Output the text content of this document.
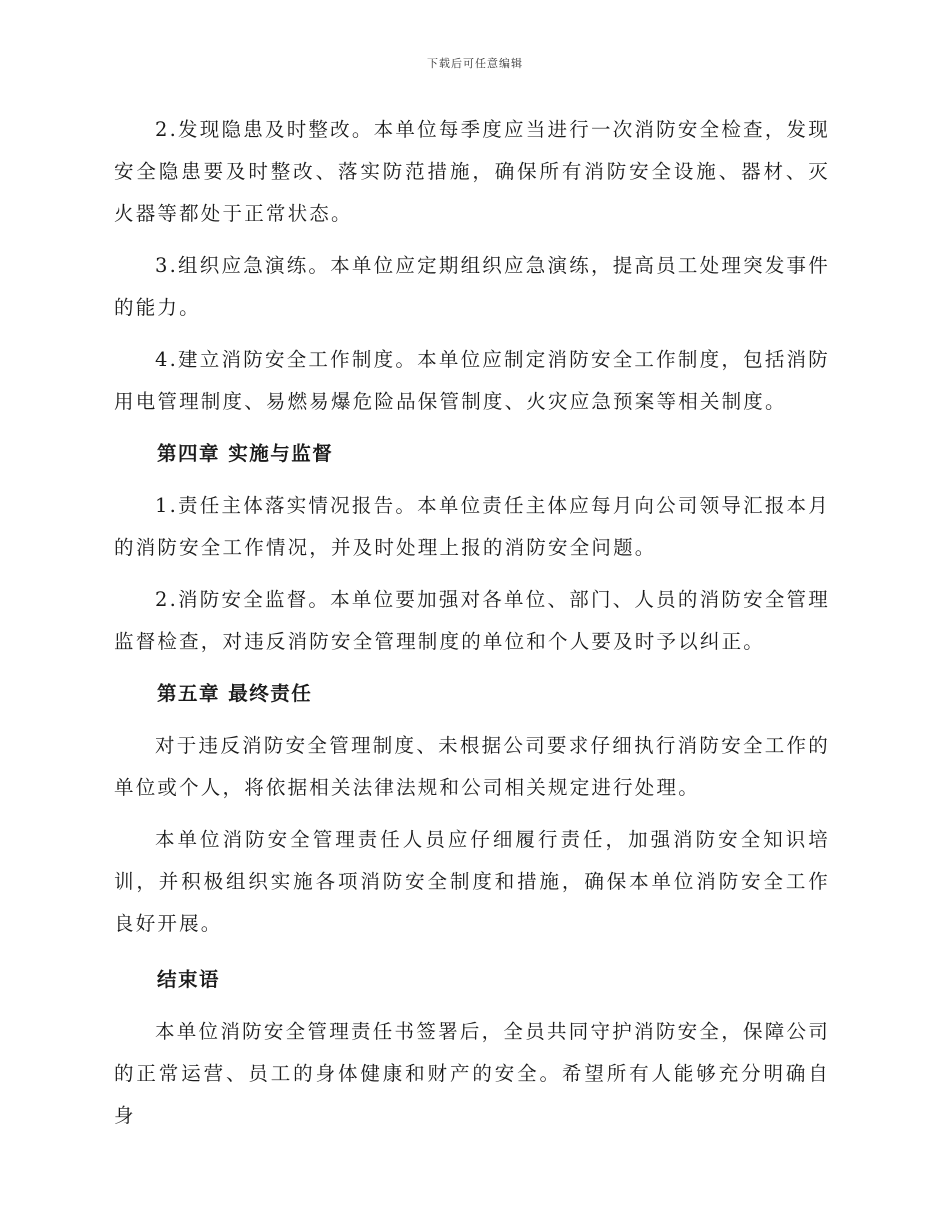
下载后可任意编辑

2.发现隐患及时整改。本单位每季度应当进行一次消防安全检查，发现安全隐患要及时整改、落实防范措施，确保所有消防安全设施、器材、灭火器等都处于正常状态。

3.组织应急演练。本单位应定期组织应急演练，提高员工处理突发事件的能力。

4.建立消防安全工作制度。本单位应制定消防安全工作制度，包括消防用电管理制度、易燃易爆危险品保管制度、火灾应急预案等相关制度。

第四章 实施与监督

1.责任主体落实情况报告。本单位责任主体应每月向公司领导汇报本月的消防安全工作情况，并及时处理上报的消防安全问题。

2.消防安全监督。本单位要加强对各单位、部门、人员的消防安全管理监督检查，对违反消防安全管理制度的单位和个人要及时予以纠正。

第五章 最终责任

对于违反消防安全管理制度、未根据公司要求仔细执行消防安全工作的单位或个人，将依据相关法律法规和公司相关规定进行处理。

本单位消防安全管理责任人员应仔细履行责任，加强消防安全知识培训，并积极组织实施各项消防安全制度和措施，确保本单位消防安全工作良好开展。

结束语

本单位消防安全管理责任书签署后，全员共同守护消防安全，保障公司的正常运营、员工的身体健康和财产的安全。希望所有人能够充分明确自身
